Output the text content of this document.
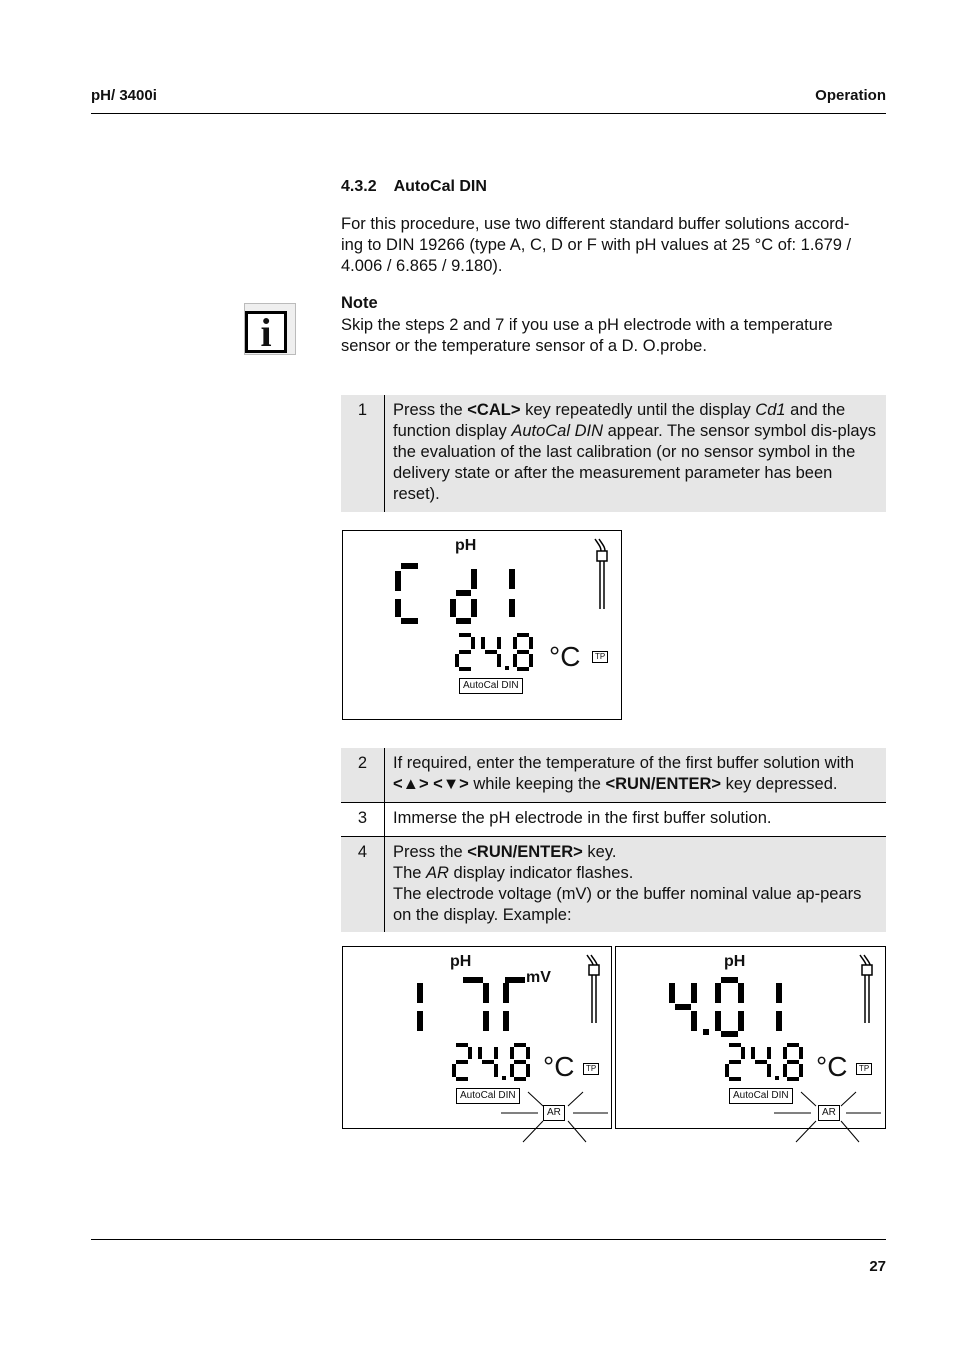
pH/ 3400i	Operation
4.3.2 AutoCal DIN
For this procedure, use two different standard buffer solutions accord-
ing to DIN 19266 (type A, C, D or F with pH values at 25 °C of: 1.679 /
4.006 / 6.865 / 9.180).
i
Note
Skip the steps 2 and 7 if you use a pH electrode with a temperature
sensor or the temperature sensor of a D. O.probe.
1	Press the <CAL> key repeatedly until the display Cd1 and the function display AutoCal DIN appear. The sensor symbol dis-plays the evaluation of the last calibration (or no sensor symbol in the delivery state or after the measurement parameter has been reset).
pH
°C	TP
AutoCal DIN
2	If required, enter the temperature of the first buffer solution with <▲> <▼> while keeping the <RUN/ENTER> key depressed.
3	Immerse the pH electrode in the first buffer solution.
4	Press the <RUN/ENTER> key.
The AR display indicator flashes.
The electrode voltage (mV) or the buffer nominal value ap-pears on the display. Example:
pH
mV
°C	TP
AutoCal DIN
AR
pH
°C	TP
AutoCal DIN
AR
27
